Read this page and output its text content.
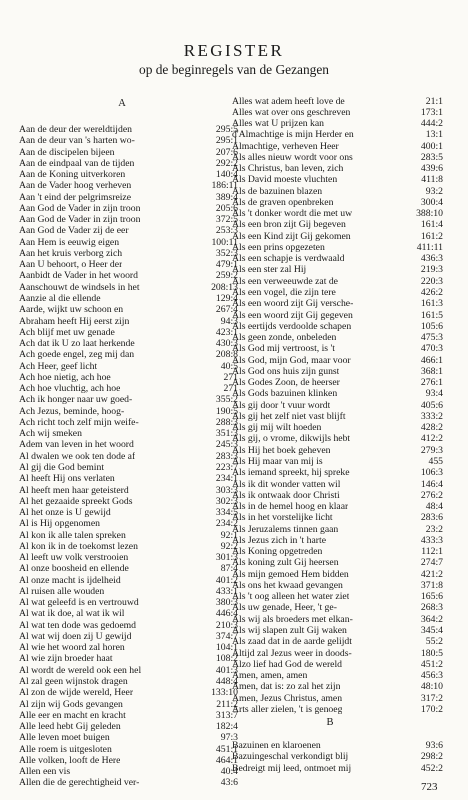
REGISTER
op de beginregels van de Gezangen
A
B
Aan de deur der wereldtijden	295:5
Aan de deur van 's harten wo-	295:1
Aan de discipelen bijeen	207:6
Aan de eindpaal van de tijden	292:2
Aan de Koning uitverkoren	140:4
Aan de Vader hoog verheven	186:11
Aan 't eind der pelgrimsreize	389:4
Aan God de Vader in zijn troon	205:6
Aan God de Vader in zijn troon	372:5
Aan God de Vader zij de eer	253:3
Aan Hem is eeuwig eigen	100:11
Aan het kruis verborg zich	352:3
Aan U behoort, o Heer der	479:1
Aanbidt de Vader in het woord	259:2
Aanschouwt de windsels in het	208:13
Aanzie al die ellende	129:4
Aarde, wijkt uw schoon en	267:4
Abraham heeft Hij eerst zijn	94:3
Ach blijf met uw genade	423:1
Ach dat ik U zo laat herkende	430:3
Ach goede engel, zeg mij dan	208:8
Ach Heer, geef licht	40:5
Ach hoe nietig, ach hoe	271
Ach hoe vluchtig, ach hoe	271
Ach ik honger naar uw goed-	355:2
Ach Jezus, beminde, hoog-	190:5
Ach richt toch zelf mijn weife-	288:3
Ach wij smeken	351:3
Adem van leven in het woord	245:3
Al dwalen we ook ten dode af	283:3
Al gij die God bemint	223:7
Al heeft Hij ons verlaten	234:1
Al heeft men haar geteisterd	303:3
Al het gezaaide spreekt Gods	302:3
Al het onze is U gewijd	334:5
Al is Hij opgenomen	234:2
Al kon ik alle talen spreken	92:1
Al kon ik in de toekomst lezen	92:2
Al leeft uw volk verstrooien	301:3
Al onze boosheid en ellende	87:4
Al onze macht is ijdelheid	401:2
Al ruisen alle wouden	433:1
Al wat geleefd is en vertrouwd	380:3
Al wat ik doe, al wat ik wil	446:4
Al wat ten dode was gedoemd	210:3
Al wat wij doen zij U gewijd	374:7
Al wie het woord zal horen	104:1
Al wie zijn broeder haat	108:2
Al wordt de wereld ook een hel	401:3
Al zal geen wijnstok dragen	448:4
Al zon de wijde wereld, Heer	133:10
Al zijn wij Gods gevangen	211:2
Alle eer en macht en kracht	313:7
Alle leed hebt Gij geleden	182:4
Alle leven moet buigen	97:3
Alle roem is uitgesloten	451:1
Alle volken, looft de Here	464:1
Allen een vis	40:4
Allen die de gerechtigheid ver-	43:6
Alles wat adem heeft love de	21:1
Alles wat over ons geschreven	173:1
Alles wat U prijzen kan	444:2
d'Almachtige is mijn Herder en	13:1
Almachtige, verheven Heer	400:1
Als alles nieuw wordt voor ons	283:5
Als Christus, ban leven, zich	439:6
Als David moeste vluchten	411:8
Als de bazuinen blazen	93:2
Als de graven openbreken	300:4
Als 't donker wordt die met uw	388:10
Als een bron zijt Gij begeven	161:4
Als een Kind zijt Gij gekomen	161:2
Als een prins opgezeten	411:11
Als een schapje is verdwaald	436:3
Als een ster zal Hij	219:3
Als een verweeuwde zat de	220:3
Als een vogel, die zijn tere	426:2
Als een woord zijt Gij versche-	161:3
Als een woord zijt Gij gegeven	161:5
Als eertijds verdoolde schapen	105:6
Als geen zonde, onbeleden	475:3
Als God mij vertroost, is 't	470:3
Als God, mijn God, maar voor	466:1
Als God ons huis zijn gunst	368:1
Als Godes Zoon, de heerser	276:1
Als Gods bazuinen klinken	93:4
Als gij door 't vuur wordt	405:6
Als gij het zelf niet vast blijft	333:2
Als gij mij wilt hoeden	428:2
Als gij, o vrome, dikwijls hebt	412:2
Als Hij het boek geheven	279:3
Als Hij maar van mij is	455
Als iemand spreekt, hij spreke	106:3
Als ik dit wonder vatten wil	146:4
Als ik ontwaak door Christi	276:2
Als in de hemel hoog en klaar	48:4
Als in het vorstelijke licht	283:6
Als Jeruzalems tinnen gaan	23:2
Als Jezus zich in 't harte	433:3
Als Koning opgetreden	112:1
Als koning zult Gij heersen	274:7
Als mijn gemoed Hem bidden	421:2
Als ons het kwaad gevangen	371:8
Als 't oog alleen het water ziet	165:6
Als uw genade, Heer, 't ge-	268:3
Als wij als broeders met elkan-	364:2
Als wij slapen zult Gij waken	345:4
Als zaad dat in de aarde gelijdt	55:2
Altijd zal Jezus weer in doods-	180:5
Alzo lief had God de wereld	451:2
Amen, amen, amen	456:3
Amen, dat is: zo zal het zijn	48:10
Amen, Jezus Christus, amen	317:2
Arts aller zielen, 't is genoeg	170:2
Bazuinen en klaroenen	93:6
Bazuingeschal verkondigt blij	298:2
Bedreigt mij leed, ontmoet mij	452:2
723
